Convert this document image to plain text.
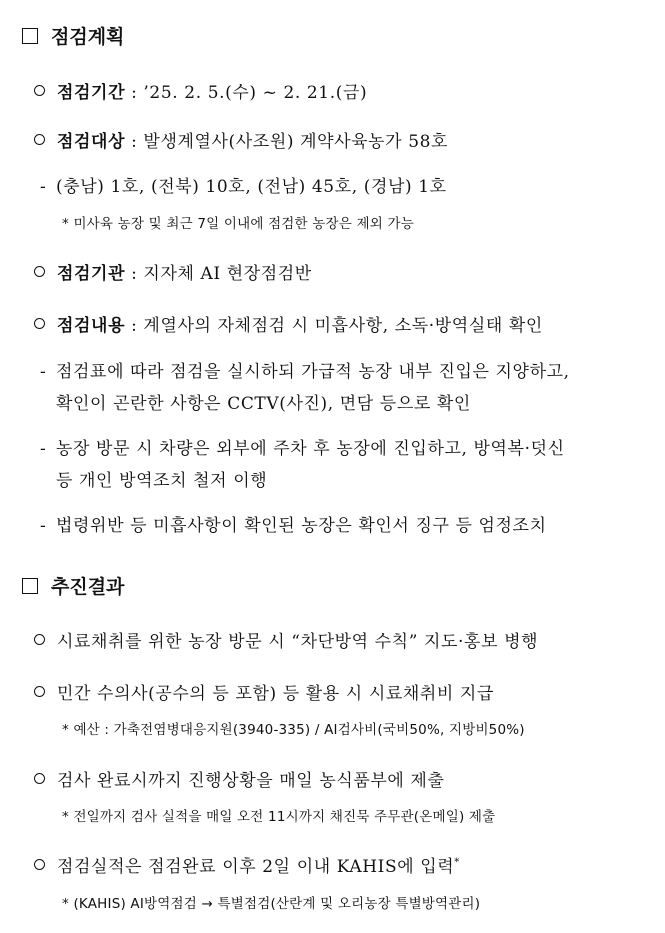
점검계획
점검기간 : ’25. 2. 5.(수) ~ 2. 21.(금)
점검대상 : 발생계열사(사조원) 계약사육농가 58호
- (충남) 1호, (전북) 10호, (전남) 45호, (경남) 1호
* 미사육 농장 및 최근 7일 이내에 점검한 농장은 제외 가능
점검기관 : 지자체 AI 현장점검반
점검내용 : 계열사의 자체점검 시 미흡사항, 소독·방역실태 확인
- 점검표에 따라 점검을 실시하되 가급적 농장 내부 진입은 지양하고,
확인이 곤란한 사항은 CCTV(사진), 면담 등으로 확인
- 농장 방문 시 차량은 외부에 주차 후 농장에 진입하고, 방역복·덧신
등 개인 방역조치 철저 이행
- 법령위반 등 미흡사항이 확인된 농장은 확인서 징구 등 엄정조치
추진결과
시료채취를 위한 농장 방문 시 “차단방역 수칙” 지도·홍보 병행
민간 수의사(공수의 등 포함) 등 활용 시 시료채취비 지급
* 예산 : 가축전염병대응지원(3940-335) / AI검사비(국비50%, 지방비50%)
검사 완료시까지 진행상황을 매일 농식품부에 제출
* 전일까지 검사 실적을 매일 오전 11시까지 채진묵 주무관(온메일) 제출
점검실적은 점검완료 이후 2일 이내 KAHIS에 입력*
* (KAHIS) AI방역점검 → 특별점검(산란계 및 오리농장 특별방역관리)
